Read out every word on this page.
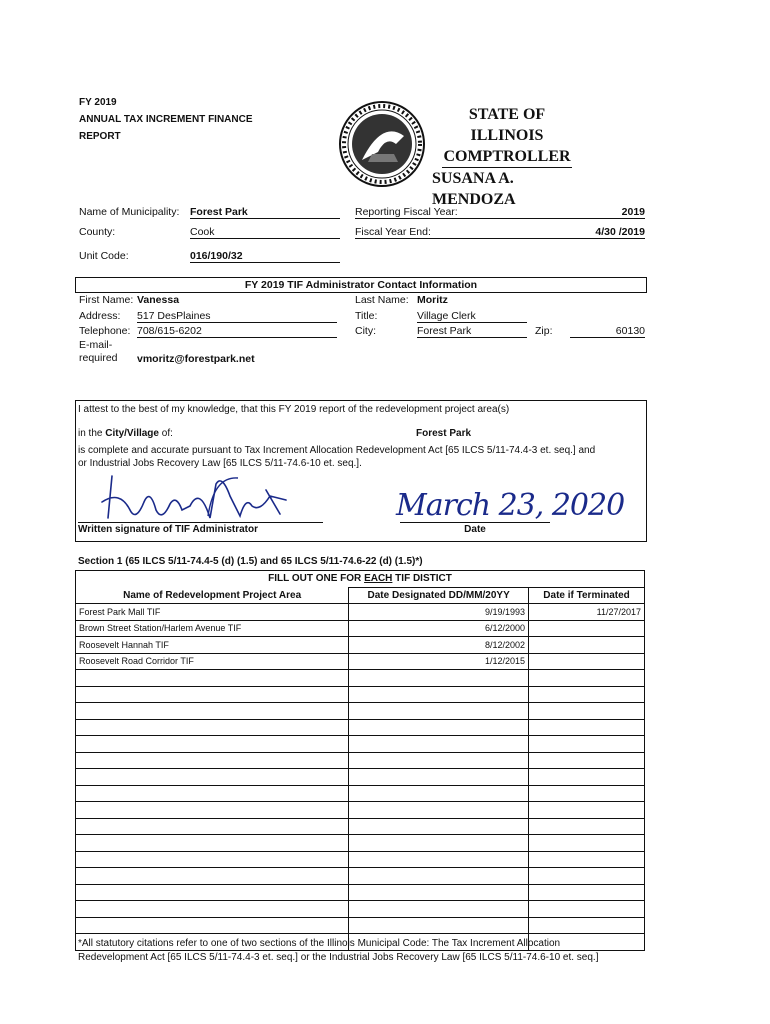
FY 2019
ANNUAL TAX INCREMENT FINANCE
REPORT
STATE OF ILLINOIS
COMPTROLLER
SUSANA A. MENDOZA
Name of Municipality: Forest Park
County:	Cook
Unit Code:	016/190/32
Reporting Fiscal Year:	2019
Fiscal Year End:	4/30 /2019
FY 2019 TIF Administrator Contact Information
First Name: Vanessa
Address: 517 DesPlaines
Telephone: 708/615-6202
E-mail-
required vmoritz@forestpark.net
Last Name: Moritz
Title:	Village Clerk
City:	Forest Park	Zip:	60130
I attest to the best of my knowledge, that this FY 2019 report of the redevelopment project area(s)
in the City/Village of:	Forest Park
is complete and accurate pursuant to Tax Increment Allocation Redevelopment Act [65 ILCS 5/11-74.4-3 et. seq.] and
or Industrial Jobs Recovery Law [65 ILCS 5/11-74.6-10 et. seq.].
March 23, 2020
Written signature of TIF Administrator	Date
Section 1 (65 ILCS 5/11-74.4-5 (d) (1.5) and 65 ILCS 5/11-74.6-22 (d) (1.5)*)
FILL OUT ONE FOR EACH TIF DISTICT		
Name of Redevelopment Project Area	Date Designated DD/MM/20YY	Date if Terminated
Forest Park Mall TIF	9/19/1993	11/27/2017
Brown Street Station/Harlem Avenue TIF	6/12/2000	
Roosevelt Hannah TIF	8/12/2002	
Roosevelt Road Corridor TIF	1/12/2015	

*All statutory citations refer to one of two sections of the Illinois Municipal Code: The Tax Increment Allocation
Redevelopment Act [65 ILCS 5/11-74.4-3 et. seq.] or the Industrial Jobs Recovery Law [65 ILCS 5/11-74.6-10 et. seq.]
